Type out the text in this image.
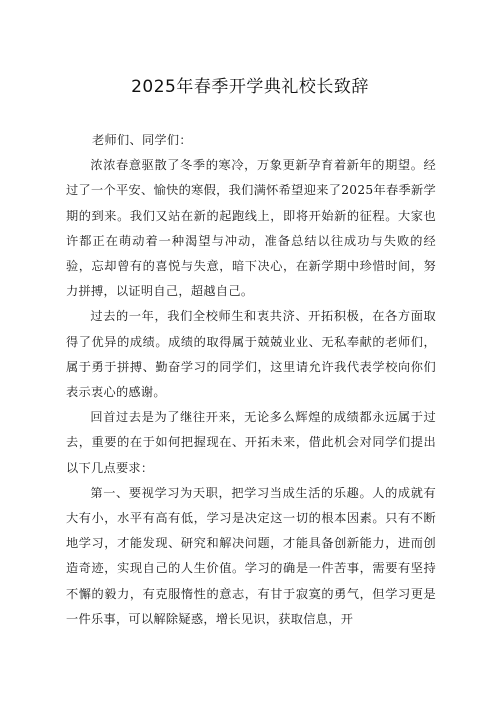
2025年春季开学典礼校长致辞

老师们、同学们：

浓浓春意驱散了冬季的寒冷，万象更新孕育着新年的期望。经过了一个平安、愉快的寒假，我们满怀希望迎来了2025年春季新学期的到来。我们又站在新的起跑线上，即将开始新的征程。大家也许都正在萌动着一种渴望与冲动，准备总结以往成功与失败的经验，忘却曾有的喜悦与失意，暗下决心，在新学期中珍惜时间，努力拼搏，以证明自己，超越自己。

过去的一年，我们全校师生和衷共济、开拓积极，在各方面取得了优异的成绩。成绩的取得属于兢兢业业、无私奉献的老师们，属于勇于拼搏、勤奋学习的同学们，这里请允许我代表学校向你们表示衷心的感谢。

回首过去是为了继往开来，无论多么辉煌的成绩都永远属于过去，重要的在于如何把握现在、开拓未来，借此机会对同学们提出以下几点要求：

第一、要视学习为天职，把学习当成生活的乐趣。人的成就有大有小，水平有高有低，学习是决定这一切的根本因素。只有不断地学习，才能发现、研究和解决问题，才能具备创新能力，进而创造奇迹，实现自己的人生价值。学习的确是一件苦事，需要有坚持不懈的毅力，有克服惰性的意志，有甘于寂寞的勇气，但学习更是一件乐事，可以解除疑惑，增长见识，获取信息，开
